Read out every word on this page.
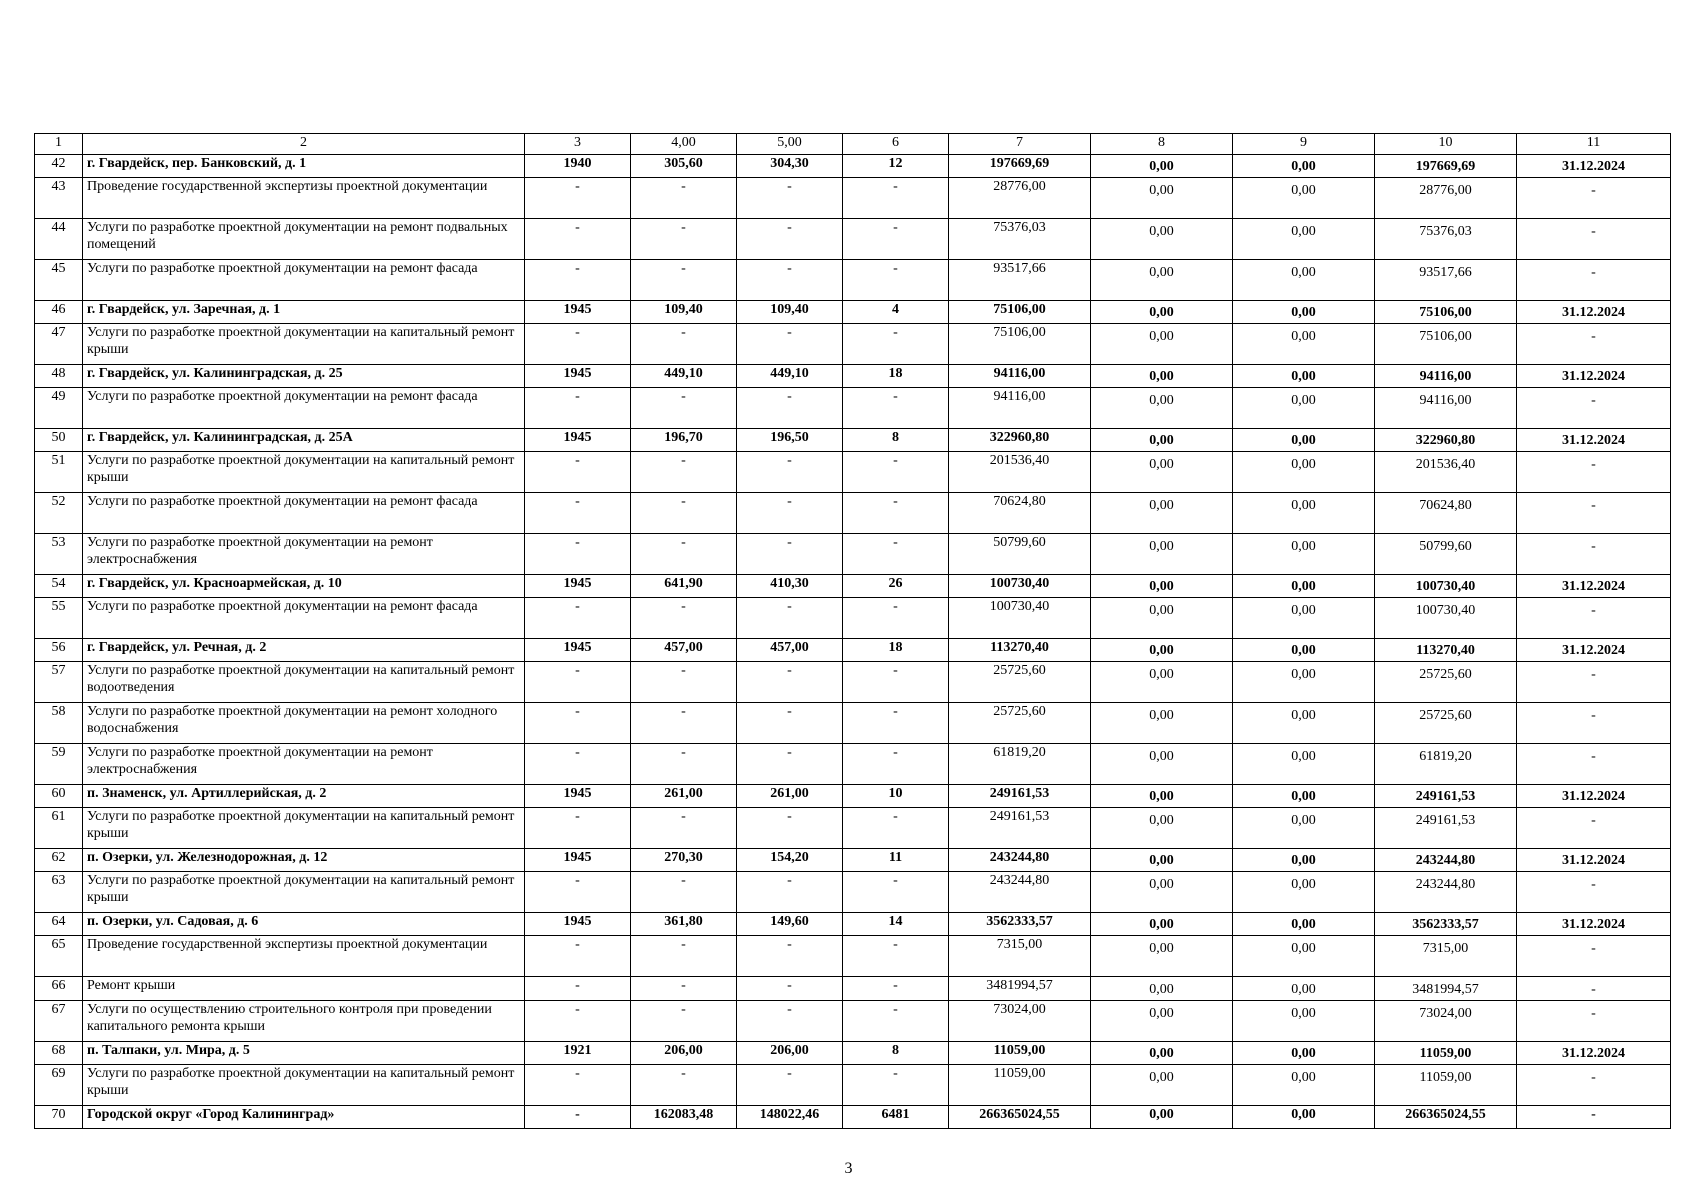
1	2	3	4,00	5,00	6	7	8	9	10	11
42	г. Гвардейск, пер. Банковский, д. 1	1940	305,60	304,30	12	197669,69	0,00	0,00	197669,69	31.12.2024
43	Проведение государственной экспертизы проектной документации	-	-	-	-	28776,00	0,00	0,00	28776,00	-
44	Услуги по разработке проектной документации на ремонт подвальных помещений	-	-	-	-	75376,03	0,00	0,00	75376,03	-
45	Услуги по разработке проектной документации на ремонт фасада	-	-	-	-	93517,66	0,00	0,00	93517,66	-
46	г. Гвардейск, ул. Заречная, д. 1	1945	109,40	109,40	4	75106,00	0,00	0,00	75106,00	31.12.2024
47	Услуги по разработке проектной документации на капитальный ремонт крыши	-	-	-	-	75106,00	0,00	0,00	75106,00	-
48	г. Гвардейск, ул. Калининградская, д. 25	1945	449,10	449,10	18	94116,00	0,00	0,00	94116,00	31.12.2024
49	Услуги по разработке проектной документации на ремонт фасада	-	-	-	-	94116,00	0,00	0,00	94116,00	-
50	г. Гвардейск, ул. Калининградская, д. 25А	1945	196,70	196,50	8	322960,80	0,00	0,00	322960,80	31.12.2024
51	Услуги по разработке проектной документации на капитальный ремонт крыши	-	-	-	-	201536,40	0,00	0,00	201536,40	-
52	Услуги по разработке проектной документации на ремонт фасада	-	-	-	-	70624,80	0,00	0,00	70624,80	-
53	Услуги по разработке проектной документации на ремонт электроснабжения	-	-	-	-	50799,60	0,00	0,00	50799,60	-
54	г. Гвардейск, ул. Красноармейская, д. 10	1945	641,90	410,30	26	100730,40	0,00	0,00	100730,40	31.12.2024
55	Услуги по разработке проектной документации на ремонт фасада	-	-	-	-	100730,40	0,00	0,00	100730,40	-
56	г. Гвардейск, ул. Речная, д. 2	1945	457,00	457,00	18	113270,40	0,00	0,00	113270,40	31.12.2024
57	Услуги по разработке проектной документации на капитальный ремонт водоотведения	-	-	-	-	25725,60	0,00	0,00	25725,60	-
58	Услуги по разработке проектной документации на ремонт холодного водоснабжения	-	-	-	-	25725,60	0,00	0,00	25725,60	-
59	Услуги по разработке проектной документации на ремонт электроснабжения	-	-	-	-	61819,20	0,00	0,00	61819,20	-
60	п. Знаменск, ул. Артиллерийская, д. 2	1945	261,00	261,00	10	249161,53	0,00	0,00	249161,53	31.12.2024
61	Услуги по разработке проектной документации на капитальный ремонт крыши	-	-	-	-	249161,53	0,00	0,00	249161,53	-
62	п. Озерки, ул. Железнодорожная, д. 12	1945	270,30	154,20	11	243244,80	0,00	0,00	243244,80	31.12.2024
63	Услуги по разработке проектной документации на капитальный ремонт крыши	-	-	-	-	243244,80	0,00	0,00	243244,80	-
64	п. Озерки, ул. Садовая, д. 6	1945	361,80	149,60	14	3562333,57	0,00	0,00	3562333,57	31.12.2024
65	Проведение государственной экспертизы проектной документации	-	-	-	-	7315,00	0,00	0,00	7315,00	-
66	Ремонт крыши	-	-	-	-	3481994,57	0,00	0,00	3481994,57	-
67	Услуги по осуществлению строительного контроля при проведении капитального ремонта крыши	-	-	-	-	73024,00	0,00	0,00	73024,00	-
68	п. Талпаки, ул. Мира, д. 5	1921	206,00	206,00	8	11059,00	0,00	0,00	11059,00	31.12.2024
69	Услуги по разработке проектной документации на капитальный ремонт крыши	-	-	-	-	11059,00	0,00	0,00	11059,00	-
70	Городской округ «Город Калининград»	-	162083,48	148022,46	6481	266365024,55	0,00	0,00	266365024,55	-
3
